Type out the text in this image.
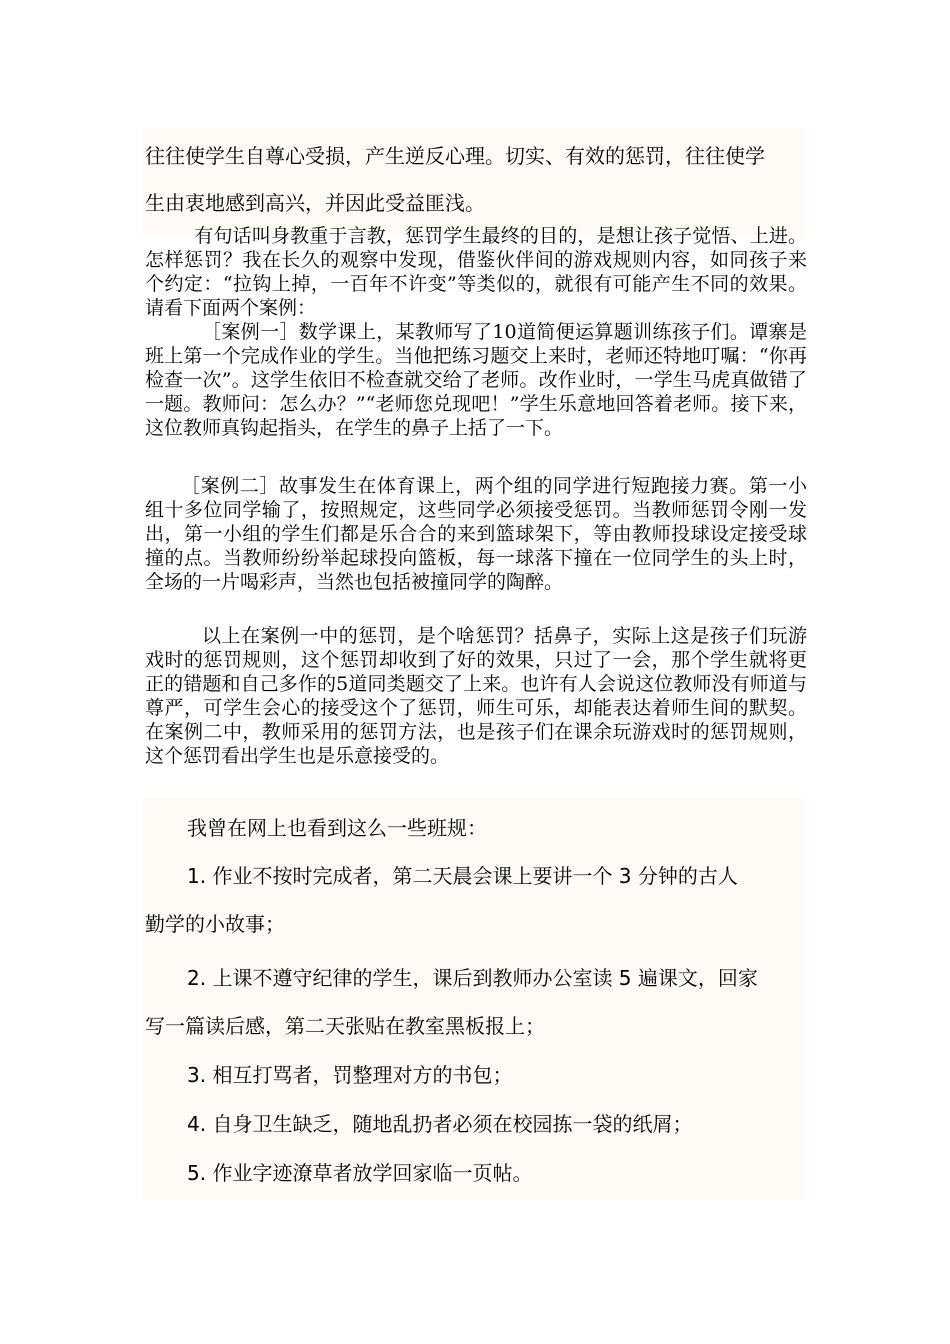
往往使学生自尊心受损，产生逆反心理。切实、有效的惩罚，往往使学
生由衷地感到高兴，并因此受益匪浅。

有句话叫身教重于言教，惩罚学生最终的目的，是想让孩子觉悟、上进。怎样惩罚？我在长久的观察中发现，借鉴伙伴间的游戏规则内容，如同孩子来个约定：“拉钩上掉，一百年不许变”等类似的，就很有可能产生不同的效果。请看下面两个案例：

［案例一］数学课上，某教师写了10道简便运算题训练孩子们。谭寨是班上第一个完成作业的学生。当他把练习题交上来时，老师还特地叮嘱：“你再检查一次”。这学生依旧不检查就交给了老师。改作业时，一学生马虎真做错了一题。教师问：怎么办？”“老师您兑现吧！”学生乐意地回答着老师。接下来，这位教师真钩起指头，在学生的鼻子上括了一下。

［案例二］故事发生在体育课上，两个组的同学进行短跑接力赛。第一小组十多位同学输了，按照规定，这些同学必须接受惩罚。当教师惩罚令刚一发出，第一小组的学生们都是乐合合的来到篮球架下，等由教师投球设定接受球撞的点。当教师纷纷举起球投向篮板，每一球落下撞在一位同学生的头上时，全场的一片喝彩声，当然也包括被撞同学的陶醉。

以上在案例一中的惩罚，是个啥惩罚？括鼻子，实际上这是孩子们玩游戏时的惩罚规则，这个惩罚却收到了好的效果，只过了一会，那个学生就将更正的错题和自己多作的5道同类题交了上来。也许有人会说这位教师没有师道与尊严，可学生会心的接受这个了惩罚，师生可乐，却能表达着师生间的默契。在案例二中，教师采用的惩罚方法，也是孩子们在课余玩游戏时的惩罚规则，这个惩罚看出学生也是乐意接受的。

我曾在网上也看到这么一些班规：
1. 作业不按时完成者，第二天晨会课上要讲一个 3 分钟的古人
勤学的小故事；
2. 上课不遵守纪律的学生，课后到教师办公室读 5 遍课文，回家
写一篇读后感，第二天张贴在教室黑板报上；
3. 相互打骂者，罚整理对方的书包；
4. 自身卫生缺乏，随地乱扔者必须在校园拣一袋的纸屑；
5. 作业字迹潦草者放学回家临一页帖。
